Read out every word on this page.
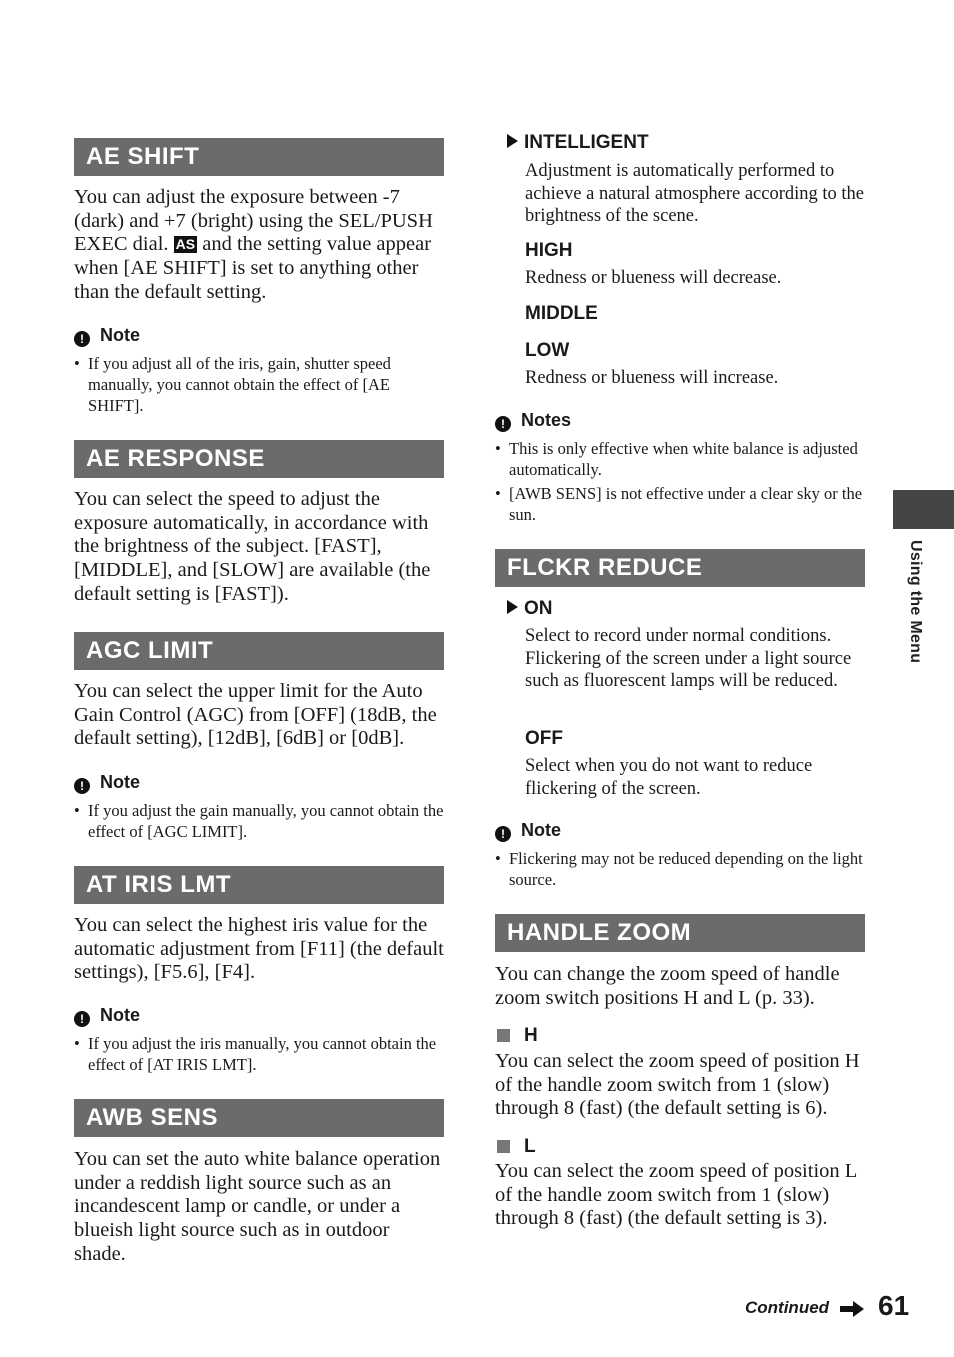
AE SHIFT
You can adjust the exposure between -7 (dark) and +7 (bright) using the SEL/PUSH EXEC dial. AS and the setting value appear when [AE SHIFT] is set to anything other than the default setting.
! Note
• If you adjust all of the iris, gain, shutter speed manually, you cannot obtain the effect of [AE SHIFT].
AE RESPONSE
You can select the speed to adjust the exposure automatically, in accordance with the brightness of the subject. [FAST], [MIDDLE], and [SLOW] are available (the default setting is [FAST]).
AGC LIMIT
You can select the upper limit for the Auto Gain Control (AGC) from [OFF] (18dB, the default setting), [12dB], [6dB] or [0dB].
! Note
• If you adjust the gain manually, you cannot obtain the effect of [AGC LIMIT].
AT IRIS LMT
You can select the highest iris value for the automatic adjustment from [F11] (the default settings), [F5.6], [F4].
! Note
• If you adjust the iris manually, you cannot obtain the effect of [AT IRIS LMT].
AWB SENS
You can set the auto white balance operation under a reddish light source such as an incandescent lamp or candle, or under a blueish light source such as in outdoor shade.
INTELLIGENT
Adjustment is automatically performed to achieve a natural atmosphere according to the brightness of the scene.
HIGH
Redness or blueness will decrease.
MIDDLE
LOW
Redness or blueness will increase.
! Notes
• This is only effective when white balance is adjusted automatically.
• [AWB SENS] is not effective under a clear sky or the sun.
FLCKR REDUCE
ON
Select to record under normal conditions. Flickering of the screen under a light source such as fluorescent lamps will be reduced.
OFF
Select when you do not want to reduce flickering of the screen.
! Note
• Flickering may not be reduced depending on the light source.
HANDLE ZOOM
You can change the zoom speed of handle zoom switch positions H and L (p. 33).
H
You can select the zoom speed of position H of the handle zoom switch from 1 (slow) through 8 (fast) (the default setting is 6).
L
You can select the zoom speed of position L of the handle zoom switch from 1 (slow) through 8 (fast) (the default setting is 3).
Using the Menu
Continued 61
